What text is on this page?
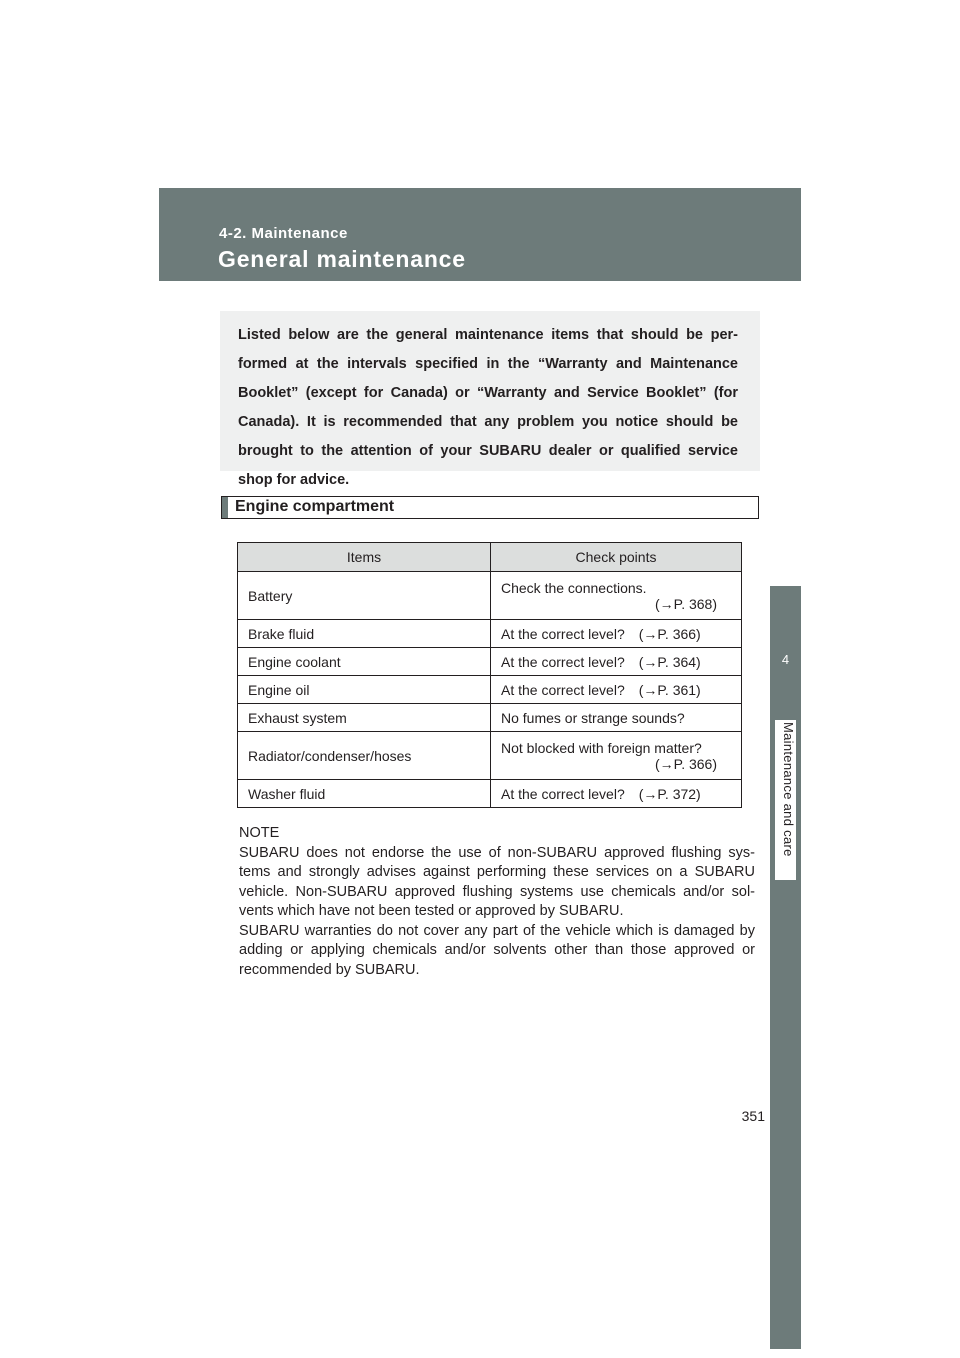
4-2. Maintenance
General maintenance
4
Maintenance and care
Listed below are the general maintenance items that should be per-formed at the intervals specified in the “Warranty and Maintenance Booklet” (except for Canada) or “Warranty and Service Booklet” (for Canada). It is recommended that any problem you notice should be brought to the attention of your SUBARU dealer or qualified service shop for advice.
Engine compartment
Items	Check points
Battery	Check the connections.
(→P. 368)

Brake fluid	At the correct level? (→P. 366)
Engine coolant	At the correct level? (→P. 364)
Engine oil	At the correct level? (→P. 361)
Exhaust system	No fumes or strange sounds?
Radiator/condenser/hoses	Not blocked with foreign matter?
(→P. 366)

Washer fluid	At the correct level? (→P. 372)

NOTE

SUBARU does not endorse the use of non-SUBARU approved flushing sys-tems and strongly advises against performing these services on a SUBARU vehicle. Non-SUBARU approved flushing systems use chemicals and/or sol-vents which have not been tested or approved by SUBARU.

SUBARU warranties do not cover any part of the vehicle which is damaged by adding or applying chemicals and/or solvents other than those approved or recommended by SUBARU.

351
